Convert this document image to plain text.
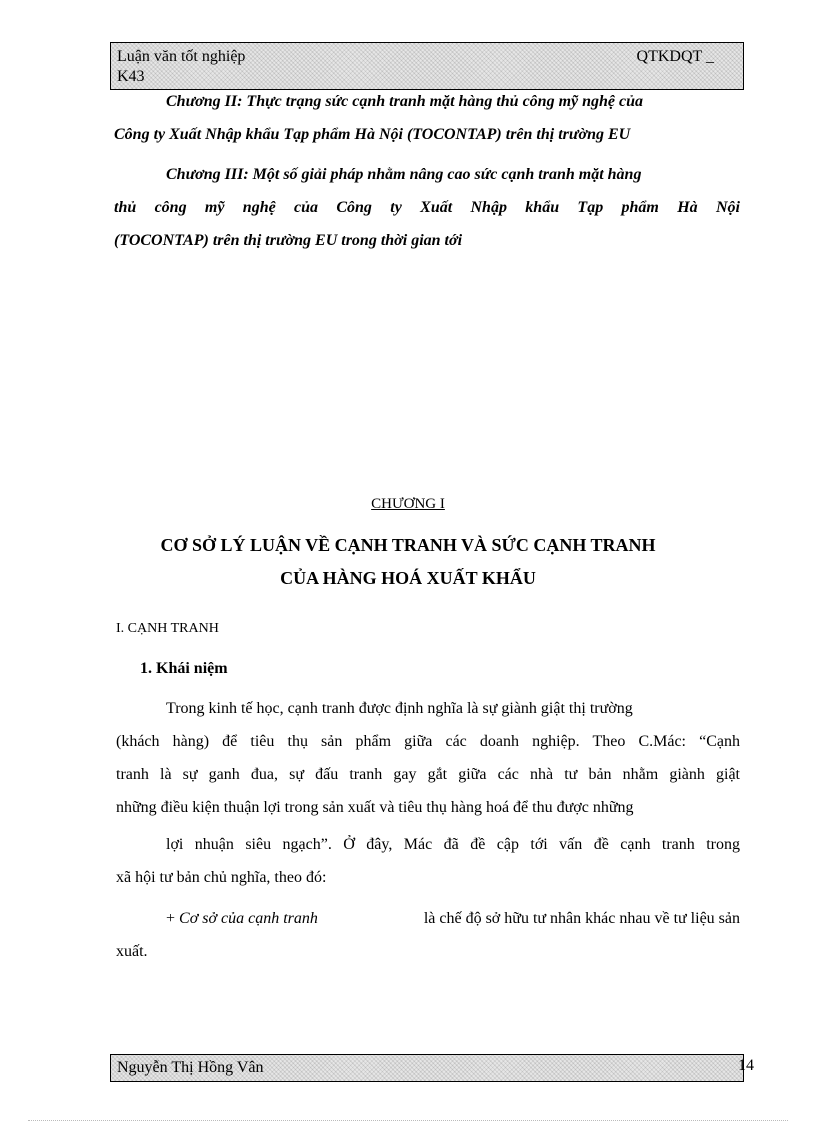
Luận văn tốt nghiệp	QTKDQT _
K43
Chương II: Thực trạng sức cạnh tranh mặt hàng thủ công mỹ nghệ của
Công ty Xuất Nhập khẩu Tạp phẩm Hà Nội (TOCONTAP) trên thị trường EU
Chương III: Một số giải pháp nhằm nâng cao sức cạnh tranh mặt hàng
thủ công mỹ nghệ của Công ty Xuất Nhập khẩu Tạp phẩm Hà Nội
(TOCONTAP) trên thị trường EU trong thời gian tới
CHƯƠNG I
CƠ SỞ LÝ LUẬN VỀ CẠNH TRANH VÀ SỨC CẠNH TRANH
CỦA HÀNG HOÁ XUẤT KHẨU
I. CẠNH TRANH
1. Khái niệm
Trong kinh tế học, cạnh tranh được định nghĩa là sự giành giật thị trường
(khách hàng) để tiêu thụ sản phẩm giữa các doanh nghiệp. Theo C.Mác: “Cạnh
tranh là sự ganh đua, sự đấu tranh gay gắt giữa các nhà tư bản nhằm giành giật
những điều kiện thuận lợi trong sản xuất và tiêu thụ hàng hoá để thu được những
lợi nhuận siêu ngạch”. Ở đây, Mác đã đề cập tới vấn đề cạnh tranh trong
xã hội tư bản chủ nghĩa, theo đó:
+ Cơ sở của cạnh tranh	là chế độ sở hữu tư nhân khác nhau về tư liệu sản
xuất.
Nguyễn Thị Hồng Vân	14
